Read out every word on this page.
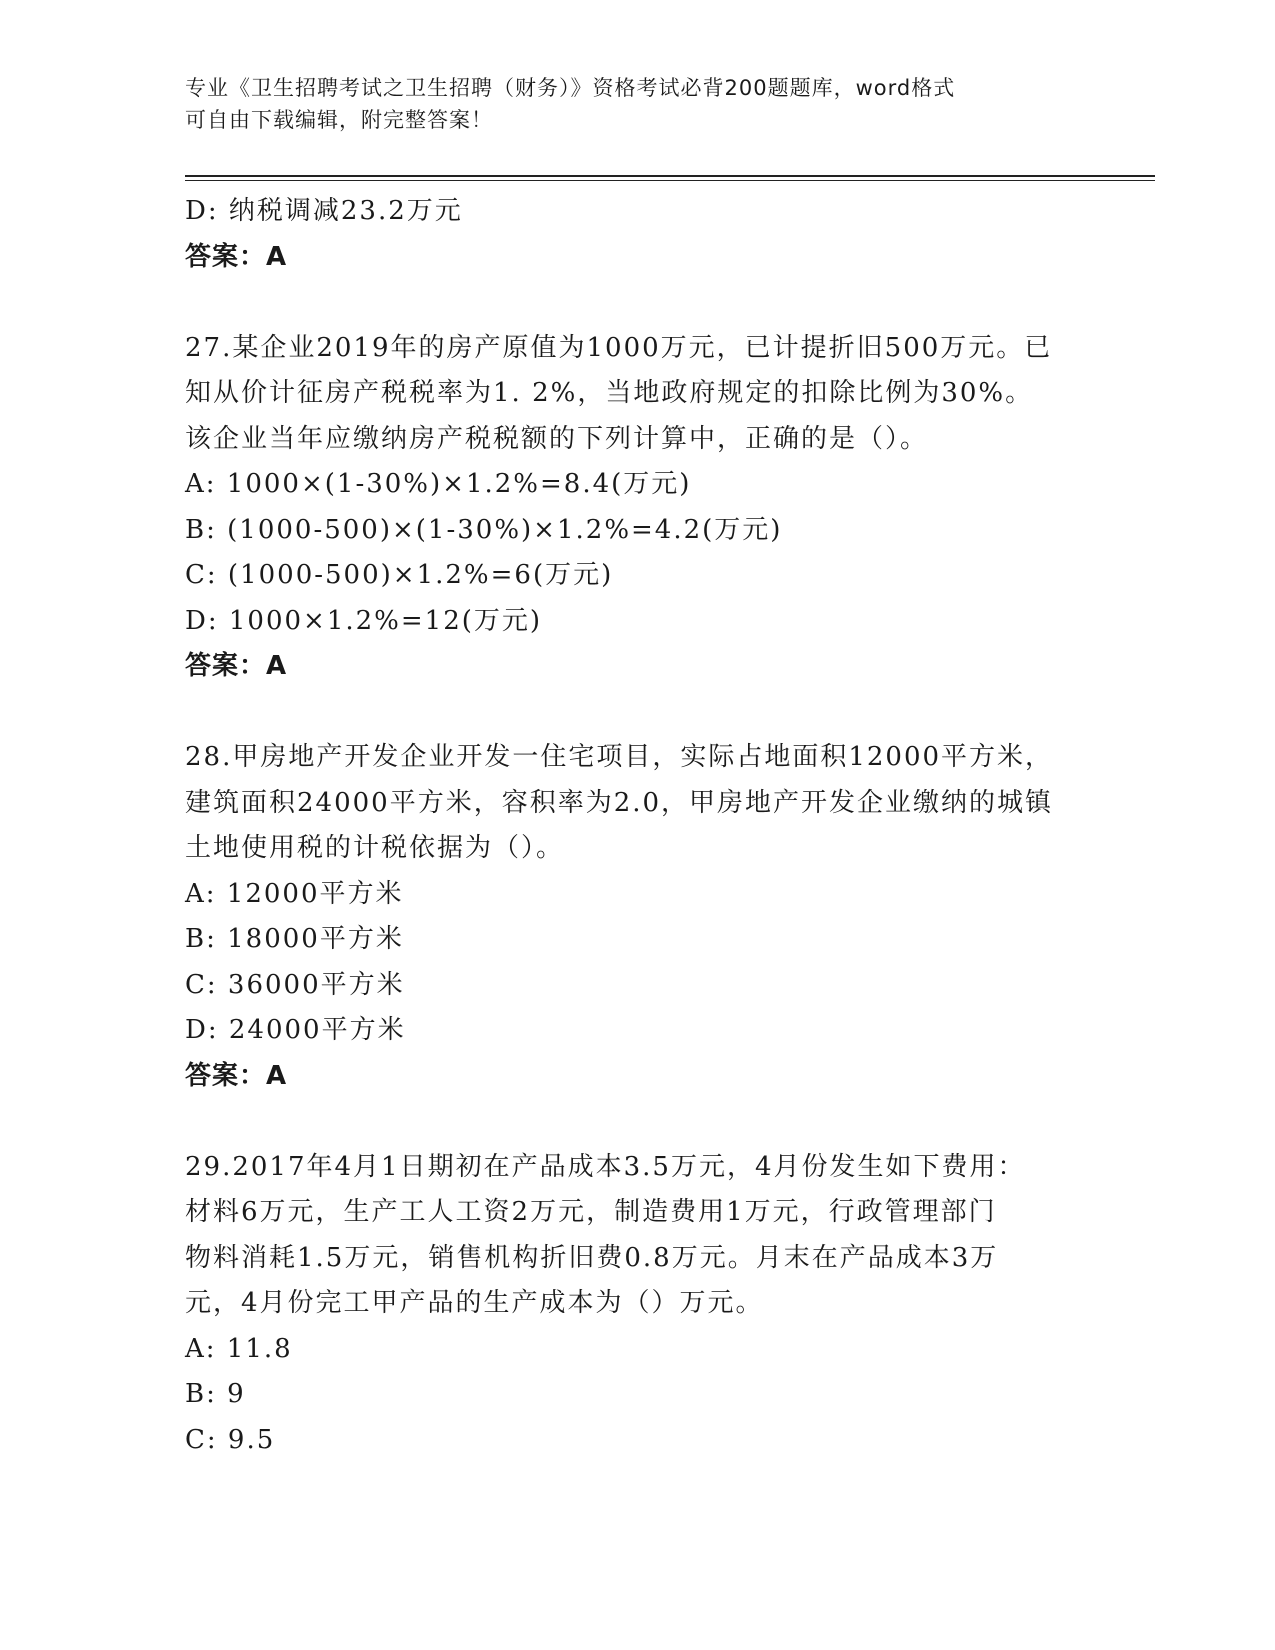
专业《卫生招聘考试之卫生招聘（财务）》资格考试必背200题题库，word格式
可自由下载编辑，附完整答案！
D: 纳税调减23.2万元
答案：A
27.某企业2019年的房产原值为1000万元，已计提折旧500万元。已
知从价计征房产税税率为1. 2%，当地政府规定的扣除比例为30%。
该企业当年应缴纳房产税税额的下列计算中，正确的是（）。
A: 1000×(1-30%)×1.2%=8.4(万元)
B: (1000-500)×(1-30%)×1.2%=4.2(万元)
C: (1000-500)×1.2%=6(万元)
D: 1000×1.2%=12(万元)
答案：A
28.甲房地产开发企业开发一住宅项目，实际占地面积12000平方米，
建筑面积24000平方米，容积率为2.0，甲房地产开发企业缴纳的城镇
土地使用税的计税依据为（）。
A: 12000平方米
B: 18000平方米
C: 36000平方米
D: 24000平方米
答案：A
29.2017年4月1日期初在产品成本3.5万元，4月份发生如下费用：
材料6万元，生产工人工资2万元，制造费用1万元，行政管理部门
物料消耗1.5万元，销售机构折旧费0.8万元。月末在产品成本3万
元，4月份完工甲产品的生产成本为（）万元。
A: 11.8
B: 9
C: 9.5
